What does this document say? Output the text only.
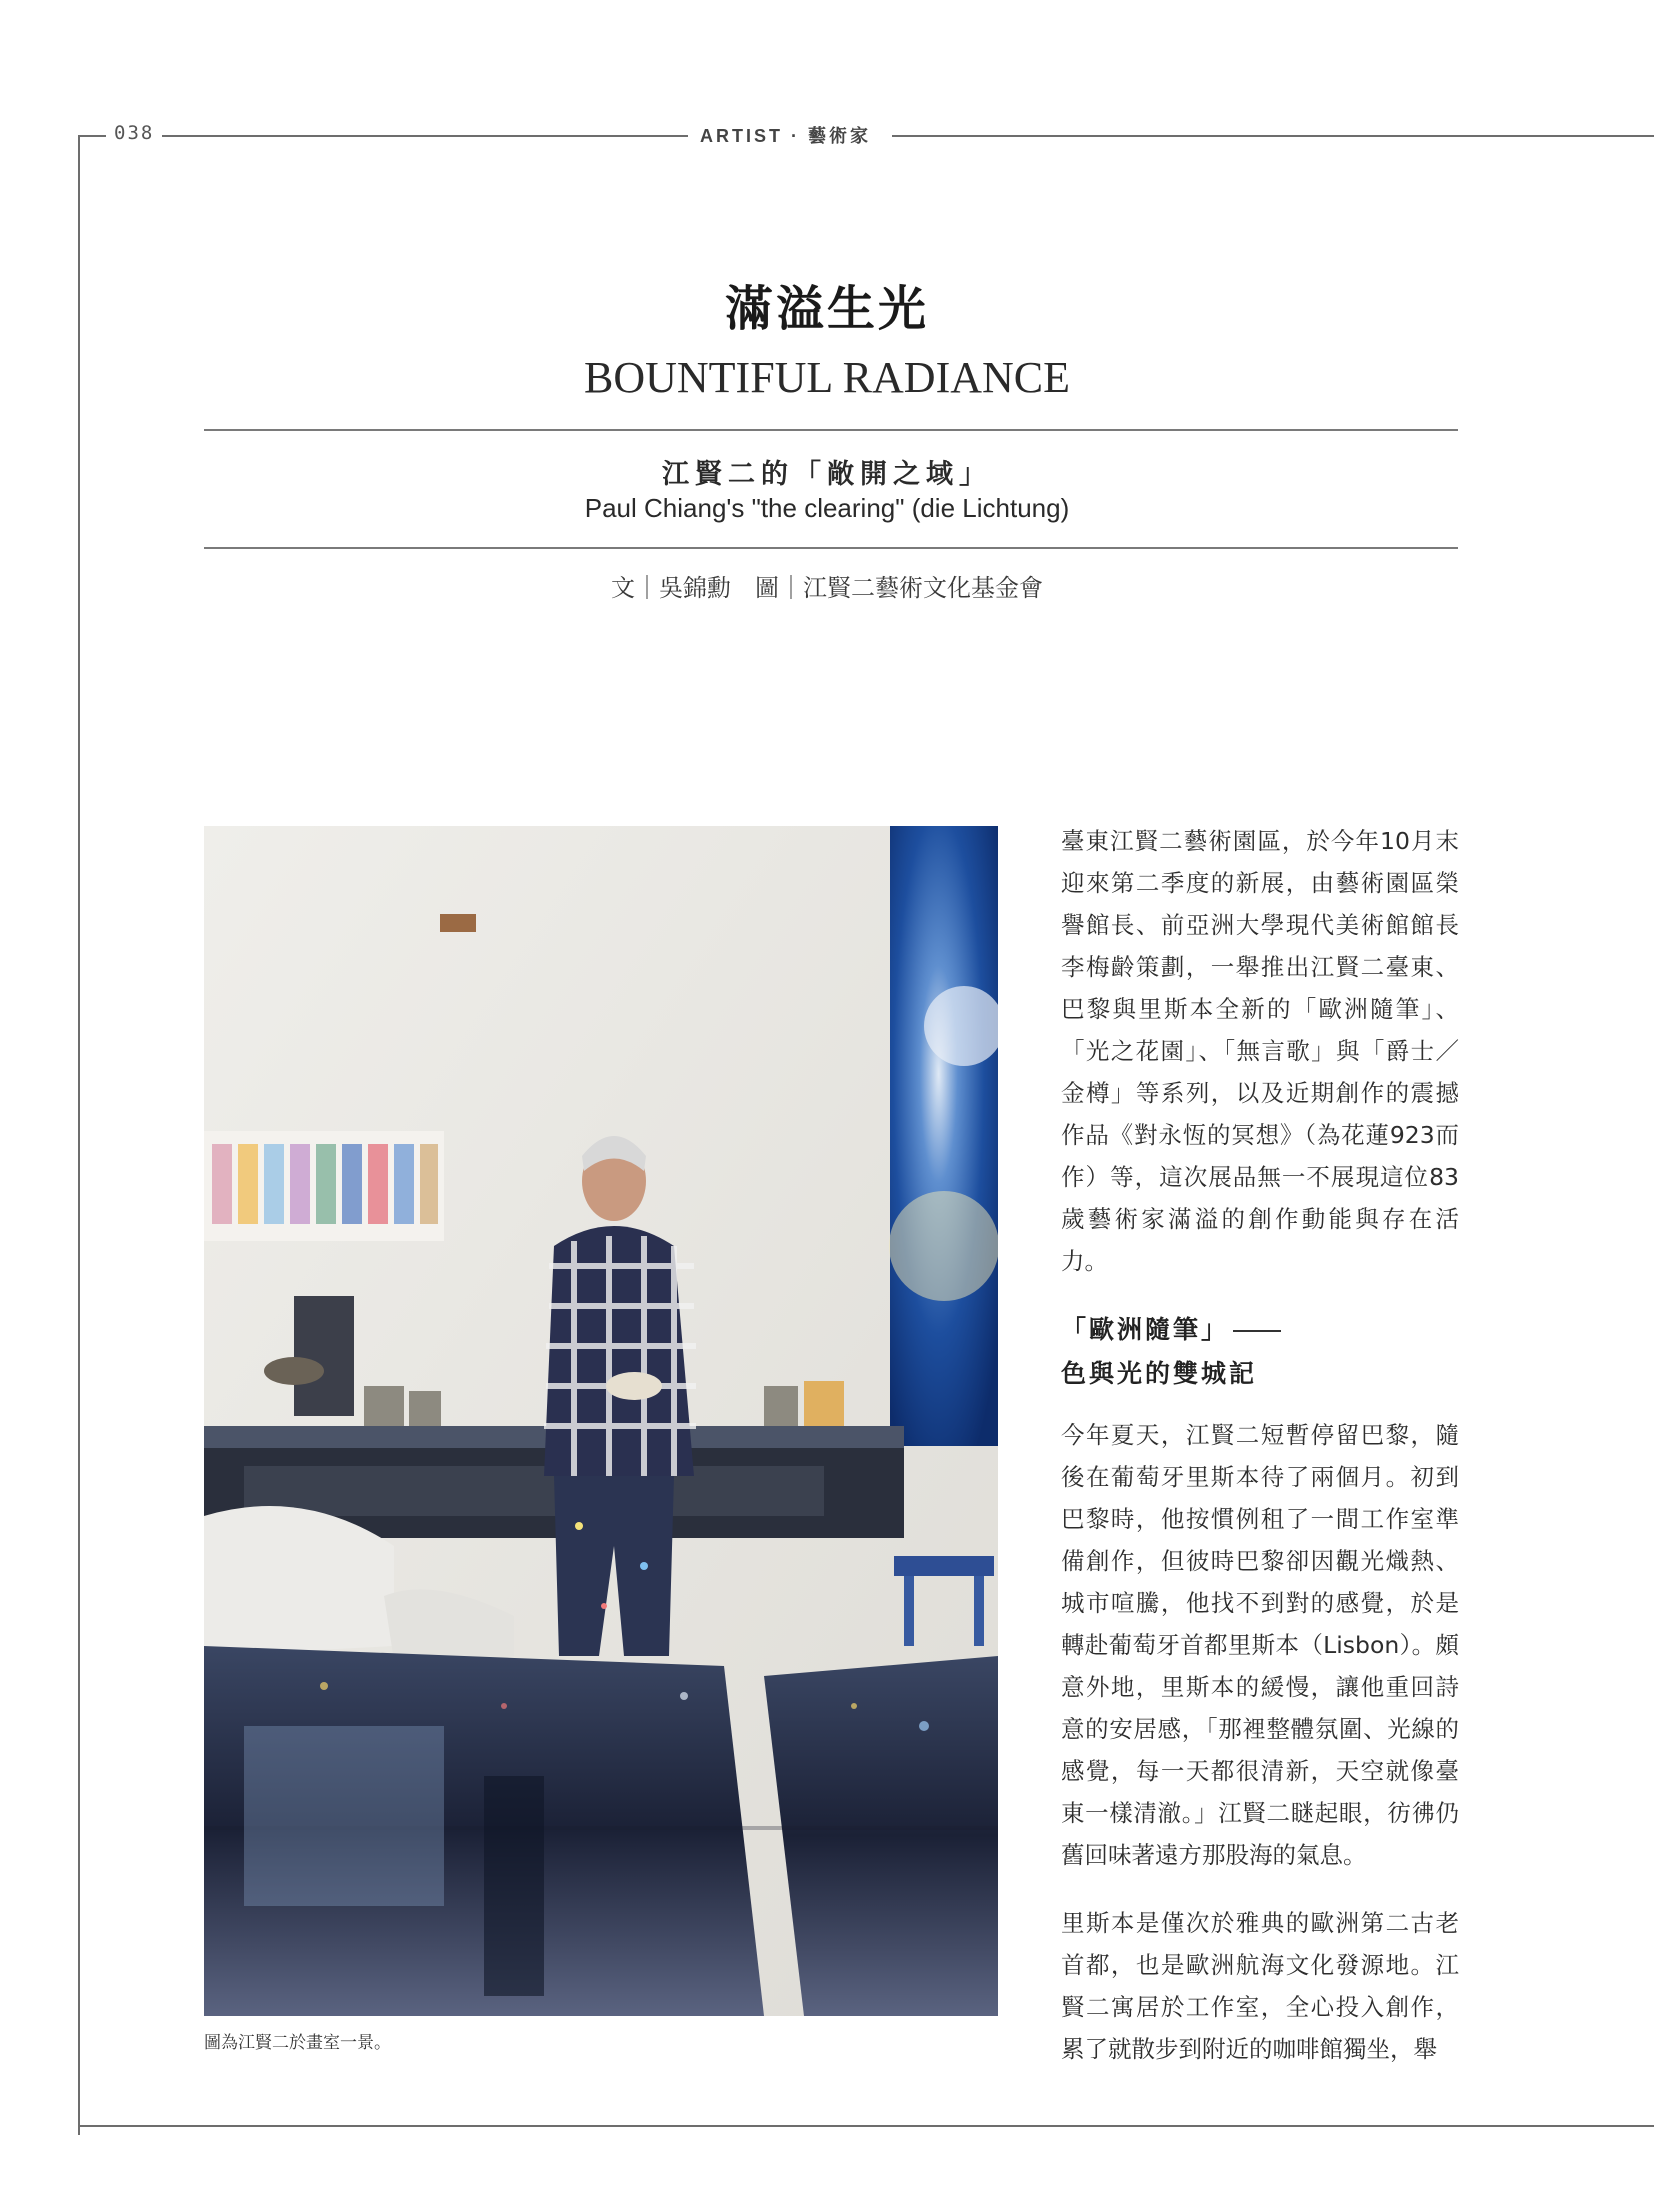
038	ARTIST · 藝術家
滿溢生光
BOUNTIFUL RADIANCE
江賢二的「敞開之域」
Paul Chiang's "the clearing" (die Lichtung)
文｜吳錦勳　圖｜江賢二藝術文化基金會
圖為江賢二於畫室一景。

臺東江賢二藝術園區，於今年10月末迎來第二季度的新展，由藝術園區榮譽館長、前亞洲大學現代美術館館長李梅齡策劃，一舉推出江賢二臺東、巴黎與里斯本全新的「歐洲隨筆」、「光之花園」、「無言歌」與「爵士／金樽」等系列，以及近期創作的震撼作品《對永恆的冥想》（為花蓮923而作）等，這次展品無一不展現這位83歲藝術家滿溢的創作動能與存在活力。

「歐洲隨筆」
色與光的雙城記

今年夏天，江賢二短暫停留巴黎，隨後在葡萄牙里斯本待了兩個月。初到巴黎時，他按慣例租了一間工作室準備創作，但彼時巴黎卻因觀光熾熱、城市喧騰，他找不到對的感覺，於是轉赴葡萄牙首都里斯本（Lisbon）。頗意外地，里斯本的緩慢，讓他重回詩意的安居感，「那裡整體氛圍、光線的感覺，每一天都很清新，天空就像臺東一樣清澈。」江賢二瞇起眼，彷彿仍舊回味著遠方那股海的氣息。

里斯本是僅次於雅典的歐洲第二古老首都，也是歐洲航海文化發源地。江賢二寓居於工作室，全心投入創作，累了就散步到附近的咖啡館獨坐，舉
